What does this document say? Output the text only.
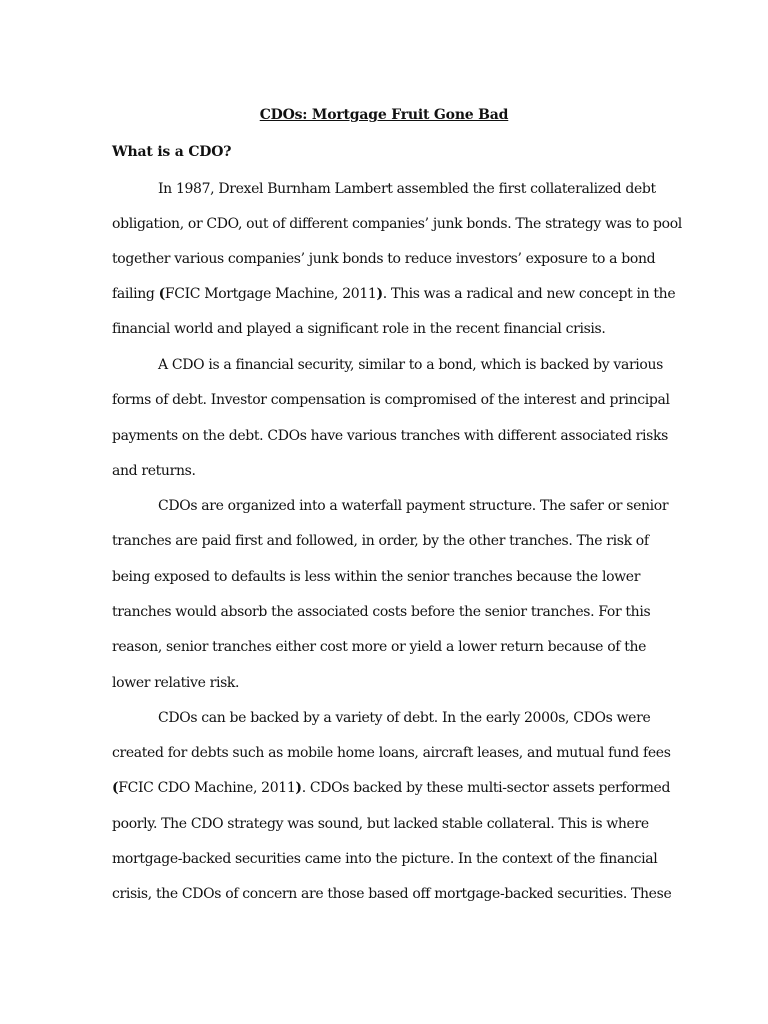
CDOs: Mortgage Fruit Gone Bad
What is a CDO?
In 1987, Drexel Burnham Lambert assembled the first collateralized debt
obligation, or CDO, out of different companies’ junk bonds. The strategy was to pool
together various companies’ junk bonds to reduce investors’ exposure to a bond
failing (FCIC Mortgage Machine, 2011). This was a radical and new concept in the
financial world and played a significant role in the recent financial crisis.
A CDO is a financial security, similar to a bond, which is backed by various
forms of debt. Investor compensation is compromised of the interest and principal
payments on the debt. CDOs have various tranches with different associated risks
and returns.
CDOs are organized into a waterfall payment structure. The safer or senior
tranches are paid first and followed, in order, by the other tranches. The risk of
being exposed to defaults is less within the senior tranches because the lower
tranches would absorb the associated costs before the senior tranches. For this
reason, senior tranches either cost more or yield a lower return because of the
lower relative risk.
CDOs can be backed by a variety of debt. In the early 2000s, CDOs were
created for debts such as mobile home loans, aircraft leases, and mutual fund fees
(FCIC CDO Machine, 2011). CDOs backed by these multi-sector assets performed
poorly. The CDO strategy was sound, but lacked stable collateral. This is where
mortgage-backed securities came into the picture. In the context of the financial
crisis, the CDOs of concern are those based off mortgage-backed securities. These
